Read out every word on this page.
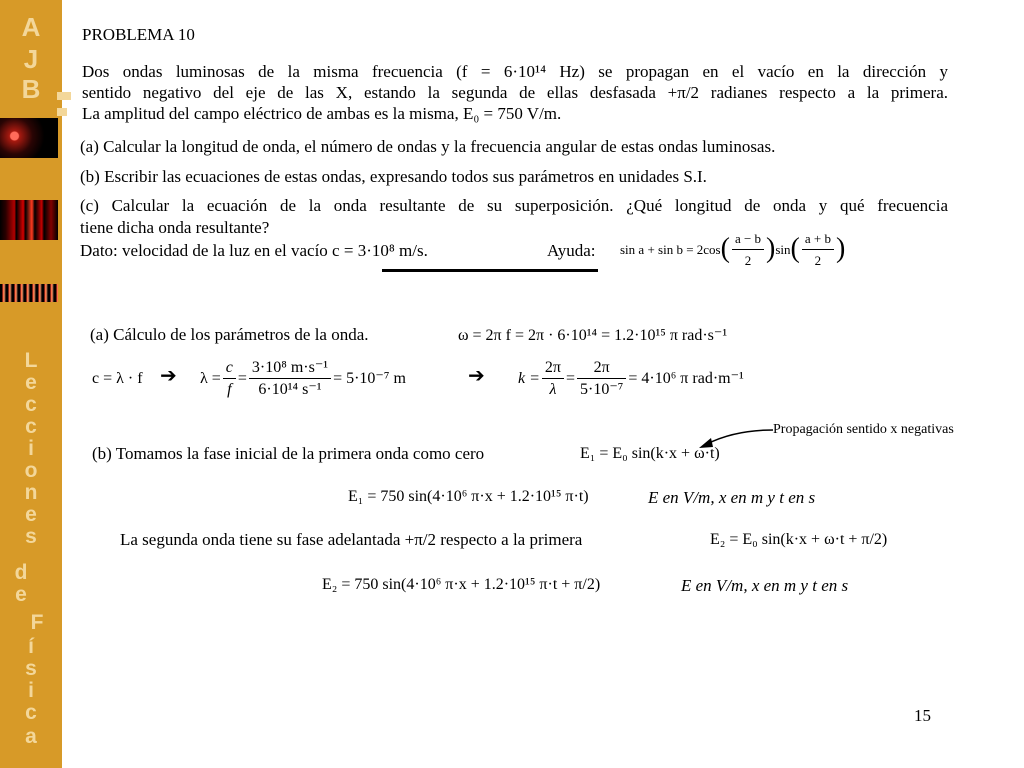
A
J
B
L
e
c
c
i
o
n
e
s
d
e
F
í
s
i
c
a
PROBLEMA 10
Dos ondas luminosas de la misma frecuencia (f = 6·10¹⁴ Hz) se propagan en el vacío en la dirección y
sentido negativo del eje de las X, estando la segunda de ellas desfasada +π/2 radianes respecto a la primera.
La amplitud del campo eléctrico de ambas es la misma, E₀ = 750 V/m.
(a) Calcular la longitud de onda, el número de ondas y la frecuencia angular de estas ondas luminosas.
(b) Escribir las ecuaciones de estas ondas, expresando todos sus parámetros en unidades S.I.
(c) Calcular la ecuación de la onda resultante de su superposición. ¿Qué longitud de onda y qué frecuencia
tiene dicha onda resultante?
Dato: velocidad de la luz en el vacío c = 3·10⁸ m/s.	Ayuda: sin a + sin b = 2cos ( $\frac{a - b}{2}$ ) sin ( $\frac{a + b}{2}$ )
(a) Cálculo de los parámetros de la onda.	ω = 2π f = 2π · 6·10¹⁴ = 1.2·10¹⁵ π rad·s⁻¹
c = λ · f ➔ $\lambda = \frac{c}{f} = \frac{\text{3·10⁸ m·s⁻¹}}{\text{6·10¹⁴ s⁻¹}} = 5\cdot 10^{-7}$ m	➔ $k = \frac{2\pi}{\lambda} = \frac{2\pi}{\text{5·10⁻⁷}} = 4\cdot 10^6$ π rad·m⁻¹
Propagación sentido x negativas
(b) Tomamos la fase inicial de la primera onda como cero	E₁ = E₀ sin(k·x + ω·t)
E₁ = 750 sin(4·10⁶ π·x + 1.2·10¹⁵ π·t)	E en V/m, x en m y t en s
La segunda onda tiene su fase adelantada +π/2 respecto a la primera	E₂ = E₀ sin(k·x + ω·t + π/2)
E₂ = 750 sin(4·10⁶ π·x + 1.2·10¹⁵ π·t + π/2)	E en V/m, x en m y t en s
15
